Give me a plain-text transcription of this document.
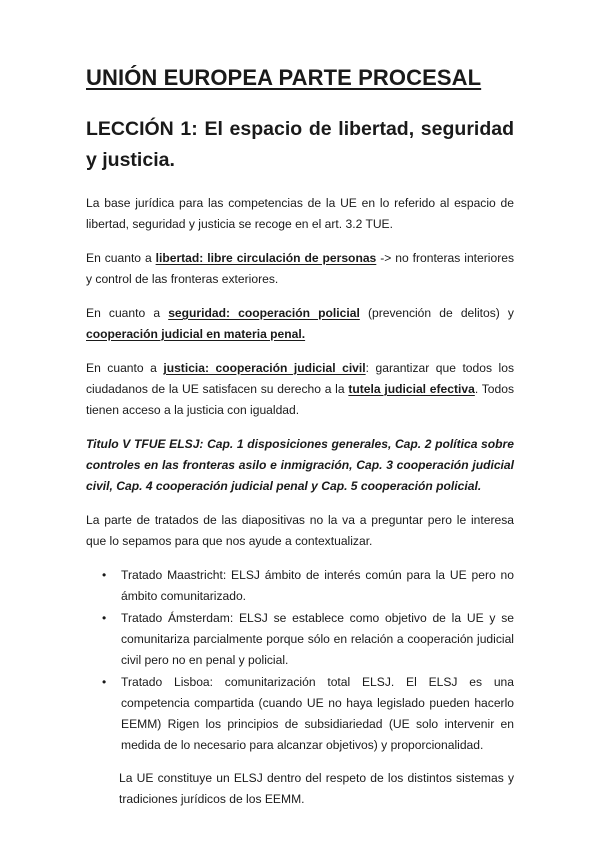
UNIÓN EUROPEA PARTE PROCESAL
LECCIÓN 1: El espacio de libertad, seguridad y justicia.

La base jurídica para las competencias de la UE en lo referido al espacio de libertad, seguridad y justicia se recoge en el art. 3.2 TUE.

En cuanto a libertad: libre circulación de personas -> no fronteras interiores y control de las fronteras exteriores.

En cuanto a seguridad: cooperación policial (prevención de delitos) y cooperación judicial en materia penal.

En cuanto a justicia: cooperación judicial civil: garantizar que todos los ciudadanos de la UE satisfacen su derecho a la tutela judicial efectiva. Todos tienen acceso a la justicia con igualdad.

Titulo V TFUE ELSJ: Cap. 1 disposiciones generales, Cap. 2 política sobre controles en las fronteras asilo e inmigración, Cap. 3 cooperación judicial civil, Cap. 4 cooperación judicial penal y Cap. 5 cooperación policial.

La parte de tratados de las diapositivas no la va a preguntar pero le interesa que lo sepamos para que nos ayude a contextualizar.

• Tratado Maastricht: ELSJ ámbito de interés común para la UE pero no ámbito comunitarizado.
• Tratado Ámsterdam: ELSJ se establece como objetivo de la UE y se comunitariza parcialmente porque sólo en relación a cooperación judicial civil pero no en penal y policial.
• Tratado Lisboa: comunitarización total ELSJ. El ELSJ es una competencia compartida (cuando UE no haya legislado pueden hacerlo EEMM) Rigen los principios de subsidiariedad (UE solo intervenir en medida de lo necesario para alcanzar objetivos) y proporcionalidad.

La UE constituye un ELSJ dentro del respeto de los distintos sistemas y tradiciones jurídicos de los EEMM.
